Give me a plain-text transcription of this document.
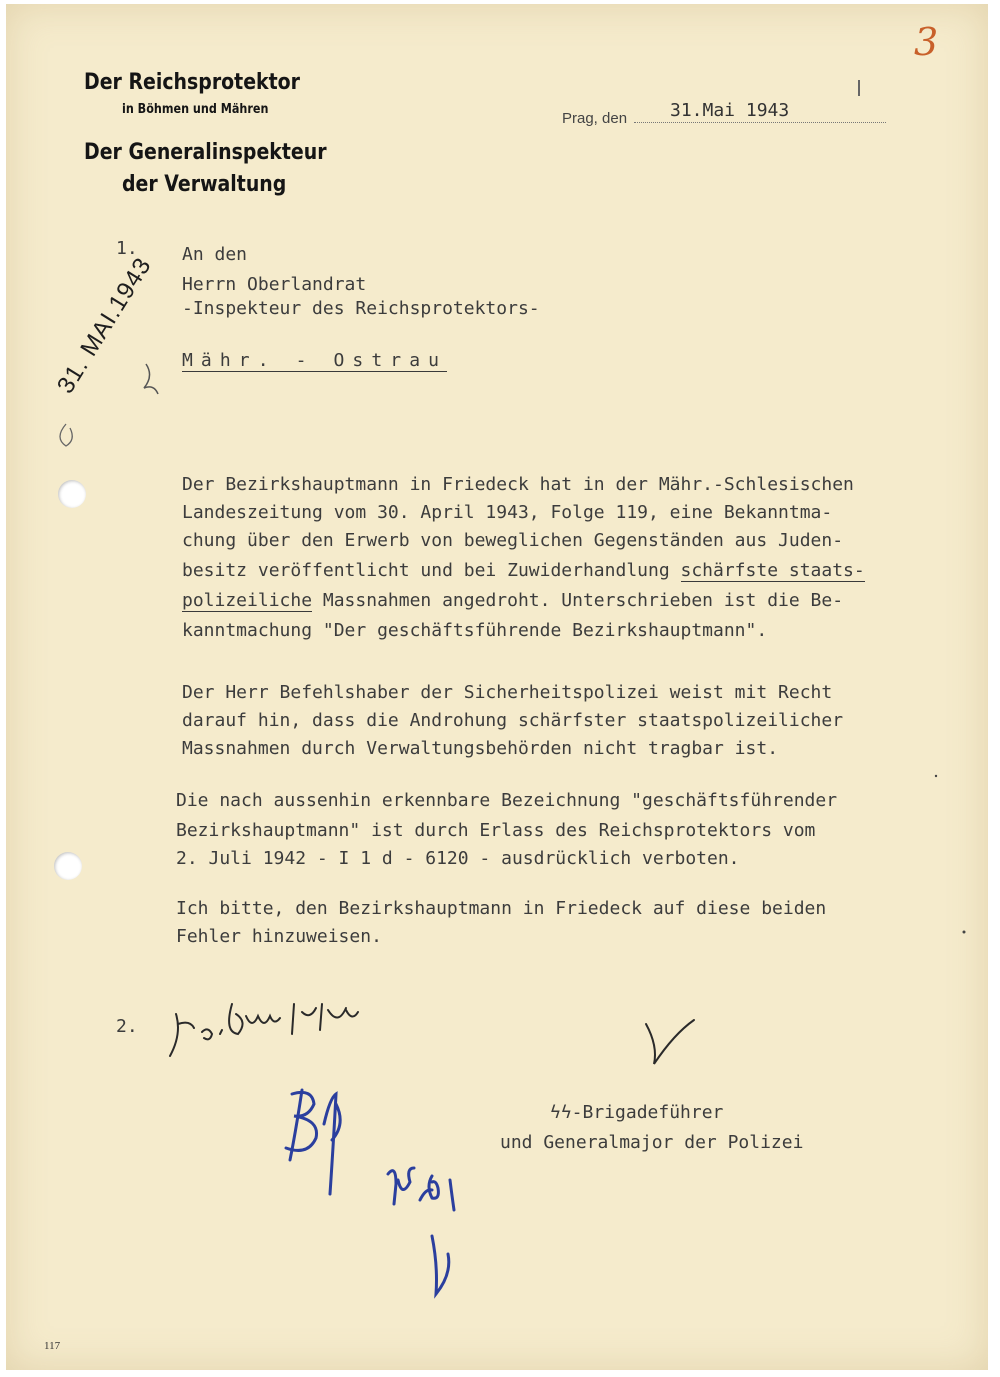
3
Der Reichsprotektor
in Böhmen und Mähren
Der Generalinspekteur
der Verwaltung
Prag, den 31.Mai 1943
31. MAI.1943
1. An den
Herrn Oberlandrat
-Inspekteur des Reichsprotektors-
Mähr. - Ostrau
Der Bezirkshauptmann in Friedeck hat in der Mähr.-Schlesischen
Landeszeitung vom 30. April 1943, Folge 119, eine Bekanntma-
chung über den Erwerb von beweglichen Gegenständen aus Juden-
besitz veröffentlicht und bei Zuwiderhandlung schärfste staats-
polizeiliche Massnahmen angedroht. Unterschrieben ist die Be-
kanntmachung "Der geschäftsführende Bezirkshauptmann".
Der Herr Befehlshaber der Sicherheitspolizei weist mit Recht
darauf hin, dass die Androhung schärfster staatspolizeilicher
Massnahmen durch Verwaltungsbehörden nicht tragbar ist.
Die nach aussenhin erkennbare Bezeichnung "geschäftsführender
Bezirkshauptmann" ist durch Erlass des Reichsprotektors vom
2. Juli 1942 - I 1 d - 6120 - ausdrücklich verboten.
Ich bitte, den Bezirkshauptmann in Friedeck auf diese beiden
Fehler hinzuweisen.
2.
ϟϟ-Brigadeführer
und Generalmajor der Polizei
117
